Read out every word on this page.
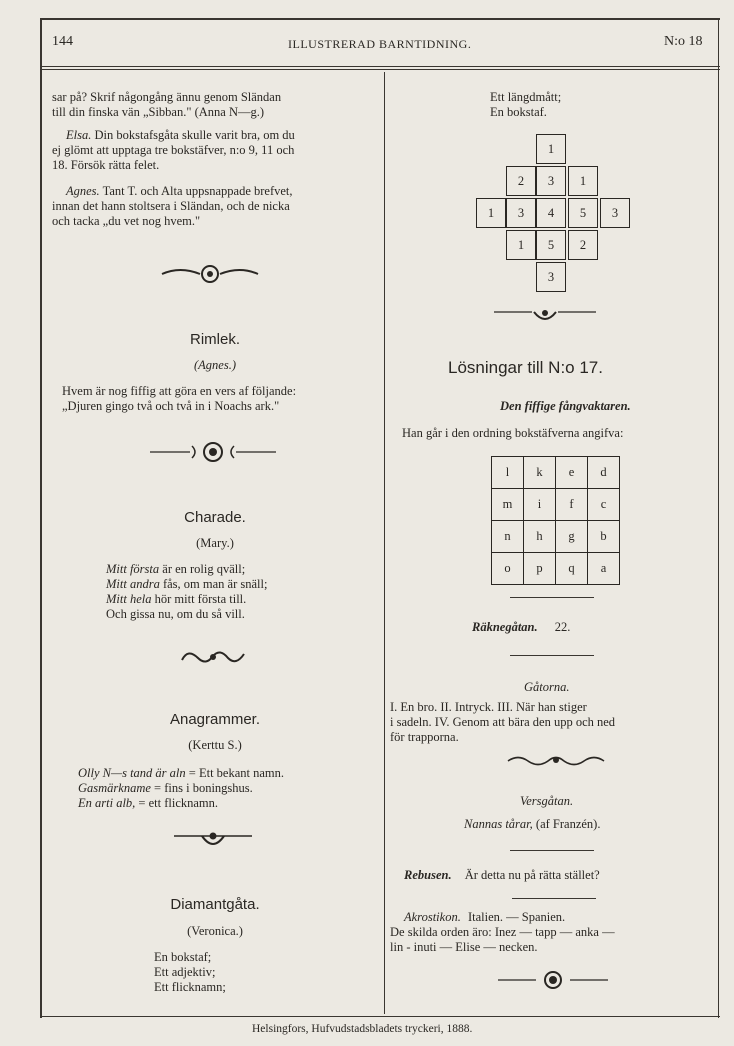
144	ILLUSTRERAD BARNTIDNING.	N:o 18
sar på? Skrif någongång ännu genom Sländan
till din finska vän „Sibban." (Anna N—g.)
Elsa. Din bokstafsgåta skulle varit bra, om du
ej glömt att upptaga tre bokstäfver, n:o 9, 11 och
18. Försök rätta felet.
Agnes. Tant T. och Alta uppsnappade brefvet,
innan det hann stoltsera i Sländan, och de nicka
och tacka „du vet nog hvem."
Rimlek.
(Agnes.)
Hvem är nog fiffig att göra en vers af följande:
„Djuren gingo två och två in i Noachs ark."
Charade.
(Mary.)
Mitt första är en rolig qväll;
Mitt andra fås, om man är snäll;
Mitt hela hör mitt första till.
Och gissa nu, om du så vill.
Anagrammer.
(Kerttu S.)
Olly N—s tand är aln = Ett bekant namn.
Gasmärkname = fins i boningshus.
En arti alb, = ett flicknamn.
Diamantgåta.
(Veronica.)
En bokstaf;
Ett adjektiv;
Ett flicknamn;
Ett längdmått;
En bokstaf.
1
2	3	1
1	3	4	5	3
1	5	2
3
Lösningar till N:o 17.
Den fiffige fångvaktaren.
Han går i den ordning bokstäfverna angifva:
l	k	e	d
m	i	f	c
n	h	g	b
o	p	q	a
Räknegåtan. 22.
Gåtorna.
I. En bro. II. Intryck. III. När han stiger
i sadeln. IV. Genom att bära den upp och ned
för trapporna.
Versgåtan.
Nannas tårar, (af Franzén).
Rebusen. Är detta nu på rätta stället?
Akrostikon. Italien. — Spanien.
De skilda orden äro: Inez — tapp — anka —
lin - inuti — Elise — necken.
Helsingfors, Hufvudstadsbladets tryckeri, 1888.
